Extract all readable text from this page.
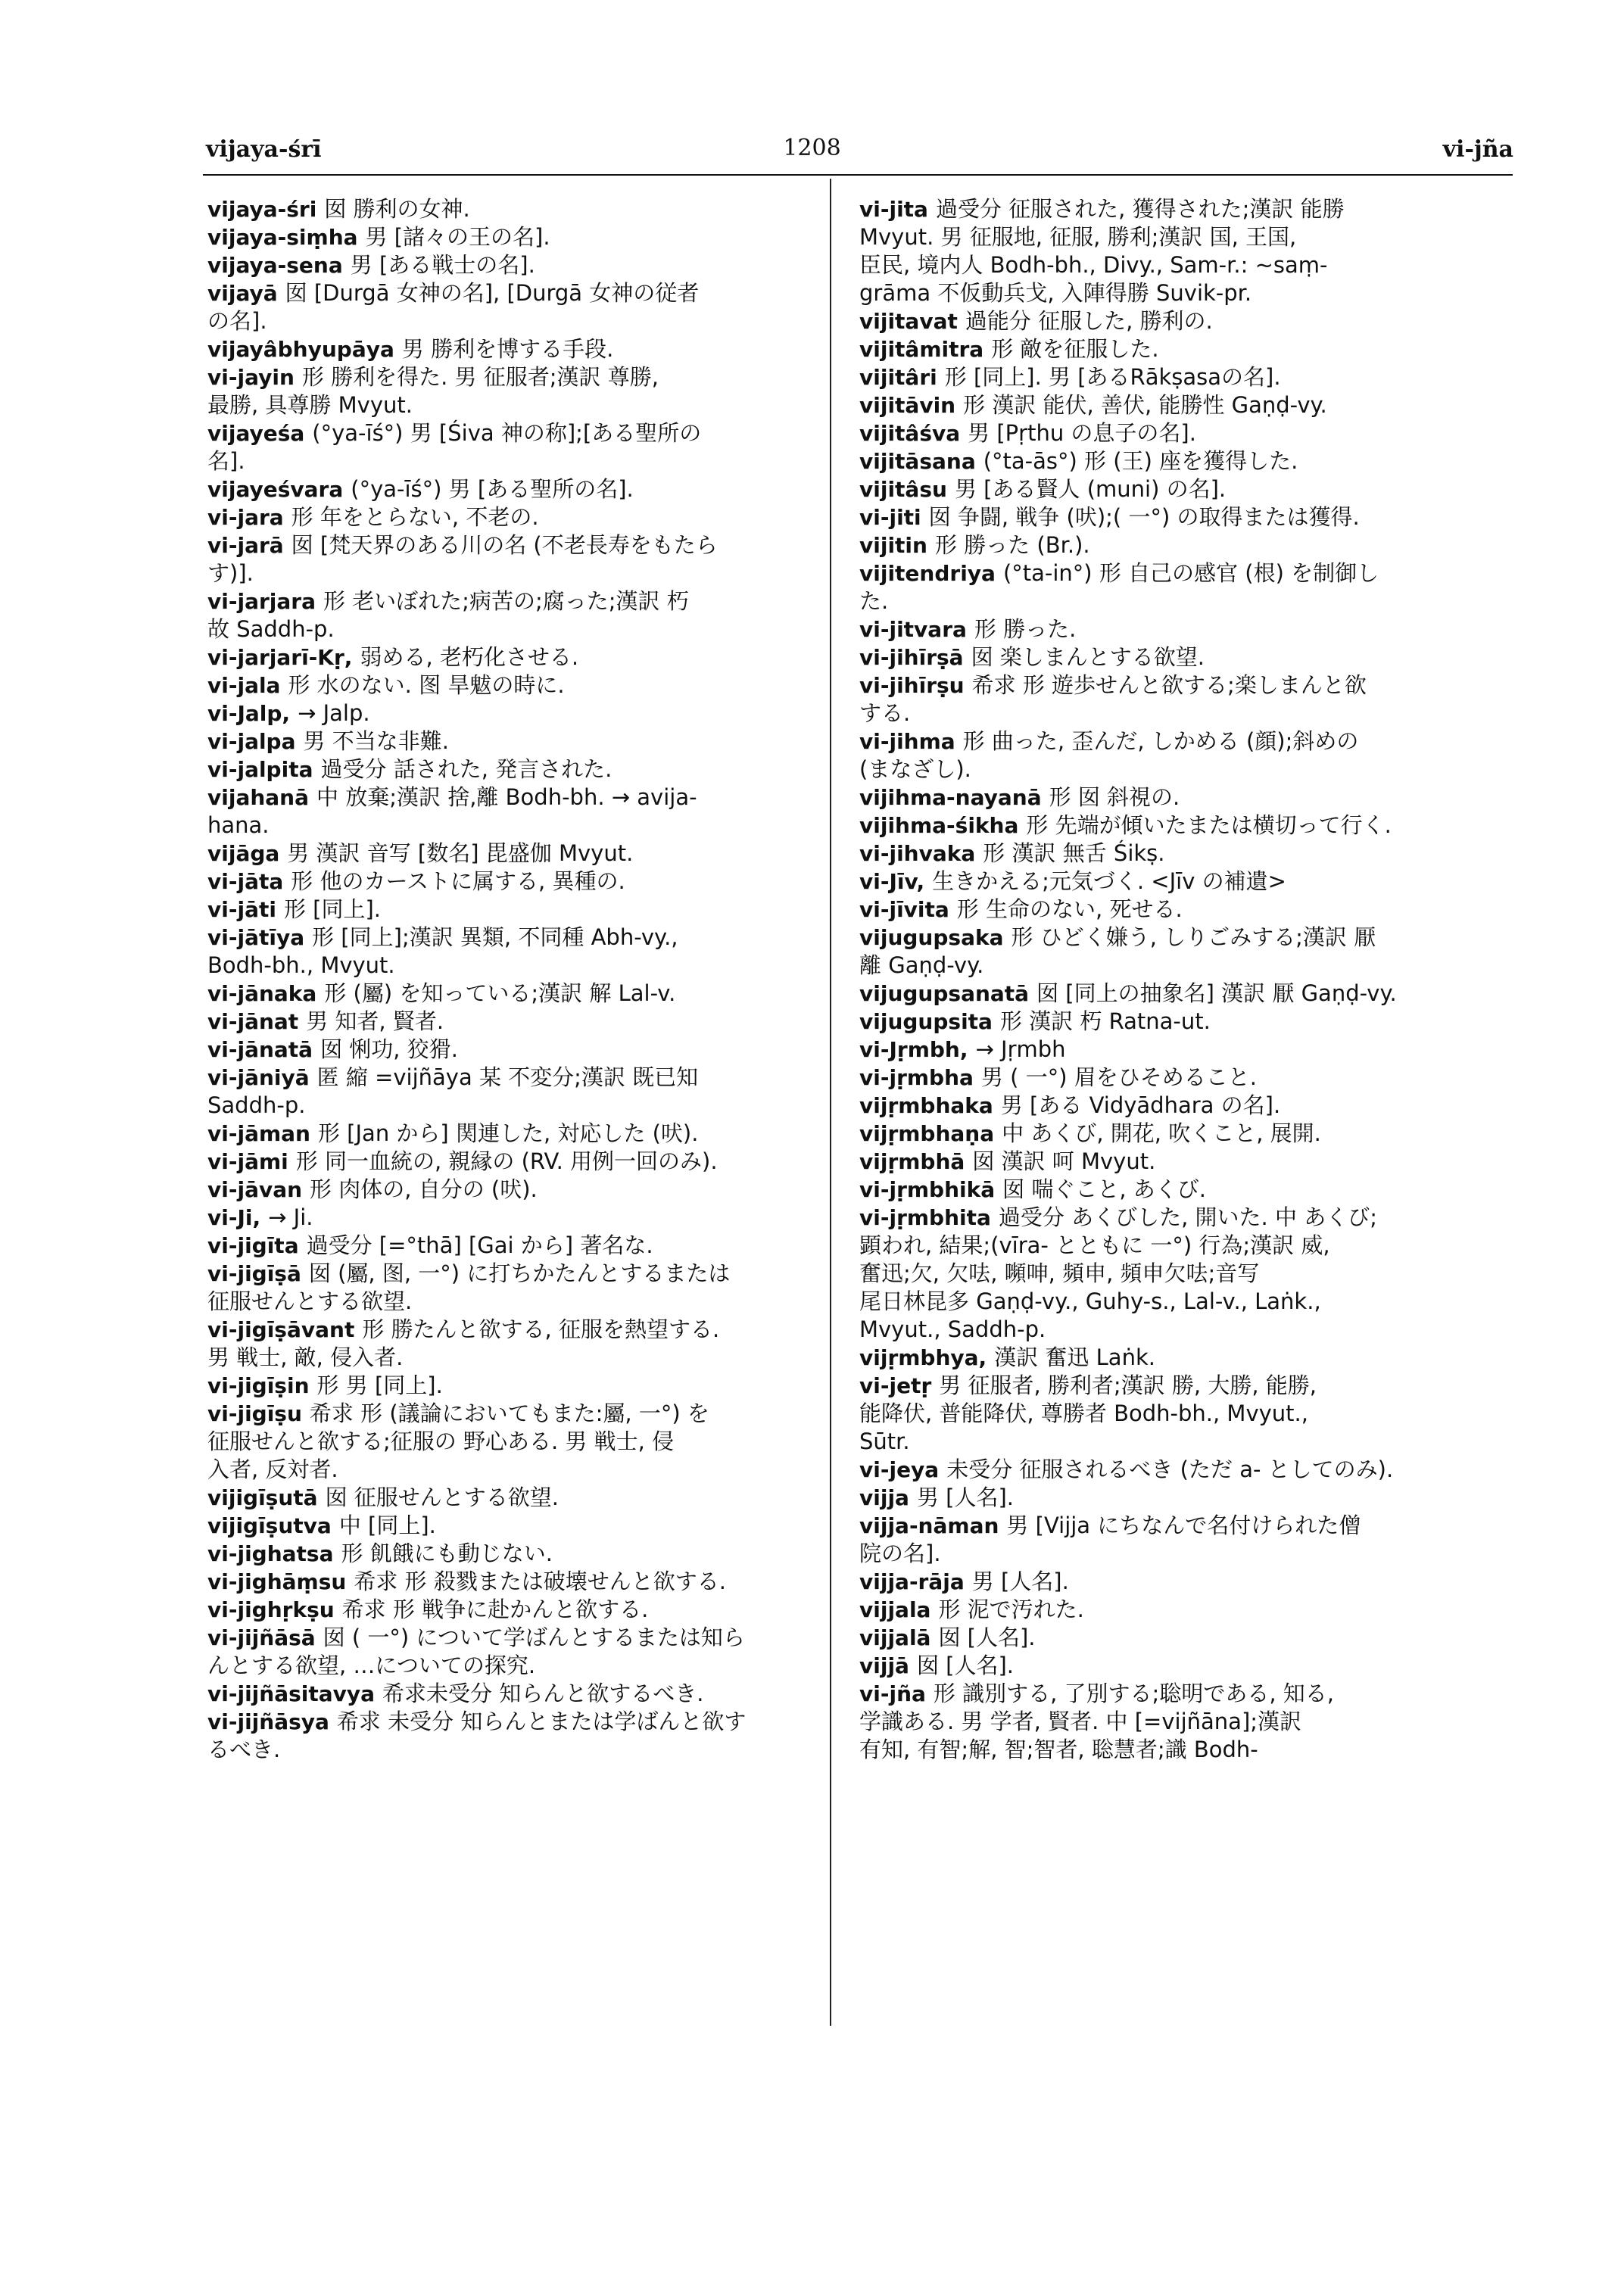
vijaya-śrī	1208	vi-jña
vijaya-śri 囡 勝利の女神.
vijaya-siṃha 男 [諸々の王の名].
vijaya-sena 男 [ある戦士の名].
vijayā 囡 [Durgā 女神の名], [Durgā 女神の従者
の名].
vijayâbhyupāya 男 勝利を博する手段.
vi-jayin 形 勝利を得た. 男 征服者;漢訳 尊勝,
最勝, 具尊勝 Mvyut.
vijayeśa (°ya-īś°) 男 [Śiva 神の称];[ある聖所の
名].
vijayeśvara (°ya-īś°) 男 [ある聖所の名].
vi-jara 形 年をとらない, 不老の.
vi-jarā 囡 [梵天界のある川の名 (不老長寿をもたら
す)].
vi-jarjara 形 老いぼれた;病苦の;腐った;漢訳 朽
故 Saddh-p.
vi-jarjarī-Kṛ, 弱める, 老朽化させる.
vi-jala 形 水のない. 图 旱魃の時に.
vi-Jalp, → Jalp.
vi-jalpa 男 不当な非難.
vi-jalpita 過受分 話された, 発言された.
vijahanā 中 放棄;漢訳 捨,離 Bodh-bh. → avija-
hana.
vijāga 男 漢訳 音写 [数名] 毘盛伽 Mvyut.
vi-jāta 形 他のカーストに属する, 異種の.
vi-jāti 形 [同上].
vi-jātīya 形 [同上];漢訳 異類, 不同種 Abh-vy.,
Bodh-bh., Mvyut.
vi-jānaka 形 (屬) を知っている;漢訳 解 Lal-v.
vi-jānat 男 知者, 賢者.
vi-jānatā 囡 悧功, 狡猾.
vi-jāniyā 匿 縮 =vijñāya 某 不変分;漢訳 既已知
Saddh-p.
vi-jāman 形 [Jan から] 関連した, 対応した (吠).
vi-jāmi 形 同一血統の, 親縁の (RV. 用例一回のみ).
vi-jāvan 形 肉体の, 自分の (吠).
vi-Ji, → Ji.
vi-jigīta 過受分 [=°thā] [Gai から] 著名な.
vi-jigīṣā 囡 (屬, 图, 一°) に打ちかたんとするまたは
征服せんとする欲望.
vi-jigīṣāvant 形 勝たんと欲する, 征服を熱望する.
男 戦士, 敵, 侵入者.
vi-jigīṣin 形 男 [同上].
vi-jigīṣu 希求 形 (議論においてもまた:屬, 一°) を
征服せんと欲する;征服の 野心ある. 男 戦士, 侵
入者, 反対者.
vijigīṣutā 囡 征服せんとする欲望.
vijigīṣutva 中 [同上].
vi-jighatsa 形 飢餓にも動じない.
vi-jighāṃsu 希求 形 殺戮または破壊せんと欲する.
vi-jighṛkṣu 希求 形 戦争に赴かんと欲する.
vi-jijñāsā 囡 ( 一°) について学ばんとするまたは知ら
んとする欲望, …についての探究.
vi-jijñāsitavya 希求未受分 知らんと欲するべき.
vi-jijñāsya 希求 未受分 知らんとまたは学ばんと欲す
るべき.
vi-jita 過受分 征服された, 獲得された;漢訳 能勝
Mvyut. 男 征服地, 征服, 勝利;漢訳 国, 王国,
臣民, 境内人 Bodh-bh., Divy., Sam-r.: ~saṃ-
grāma 不仮動兵戈, 入陣得勝 Suvik-pr.
vijitavat 過能分 征服した, 勝利の.
vijitâmitra 形 敵を征服した.
vijitâri 形 [同上]. 男 [あるRākṣasaの名].
vijitāvin 形 漢訳 能伏, 善伏, 能勝性 Gaṇḍ-vy.
vijitâśva 男 [Pṛthu の息子の名].
vijitāsana (°ta-ās°) 形 (王) 座を獲得した.
vijitâsu 男 [ある賢人 (muni) の名].
vi-jiti 囡 争闘, 戦争 (吠);( 一°) の取得または獲得.
vijitin 形 勝った (Br.).
vijitendriya (°ta-in°) 形 自己の感官 (根) を制御し
た.
vi-jitvara 形 勝った.
vi-jihīrṣā 囡 楽しまんとする欲望.
vi-jihīrṣu 希求 形 遊歩せんと欲する;楽しまんと欲
する.
vi-jihma 形 曲った, 歪んだ, しかめる (顔);斜めの
(まなざし).
vijihma-nayanā 形 囡 斜視の.
vijihma-śikha 形 先端が傾いたまたは横切って行く.
vi-jihvaka 形 漢訳 無舌 Śikṣ.
vi-Jīv, 生きかえる;元気づく. <Jīv の補遺>
vi-jīvita 形 生命のない, 死せる.
vijugupsaka 形 ひどく嫌う, しりごみする;漢訳 厭
離 Gaṇḍ-vy.
vijugupsanatā 囡 [同上の抽象名] 漢訳 厭 Gaṇḍ-vy.
vijugupsita 形 漢訳 朽 Ratna-ut.
vi-Jṛmbh, → Jṛmbh
vi-jṛmbha 男 ( 一°) 眉をひそめること.
vijṛmbhaka 男 [ある Vidyādhara の名].
vijṛmbhaṇa 中 あくび, 開花, 吹くこと, 展開.
vijṛmbhā 囡 漢訳 呵 Mvyut.
vi-jṛmbhikā 囡 喘ぐこと, あくび.
vi-jṛmbhita 過受分 あくびした, 開いた. 中 あくび;
顕われ, 結果;(vīra- とともに 一°) 行為;漢訳 威,
奮迅;欠, 欠呿, 嚬呻, 頻申, 頻申欠呿;音写
尾日林昆多 Gaṇḍ-vy., Guhy-s., Lal-v., Laṅk.,
Mvyut., Saddh-p.
vijṛmbhya, 漢訳 奮迅 Laṅk.
vi-jetṛ 男 征服者, 勝利者;漢訳 勝, 大勝, 能勝,
能降伏, 普能降伏, 尊勝者 Bodh-bh., Mvyut.,
Sūtr.
vi-jeya 未受分 征服されるべき (ただ a- としてのみ).
vijja 男 [人名].
vijja-nāman 男 [Vijja にちなんで名付けられた僧
院の名].
vijja-rāja 男 [人名].
vijjala 形 泥で汚れた.
vijjalā 囡 [人名].
vijjā 囡 [人名].
vi-jña 形 識別する, 了別する;聡明である, 知る,
学識ある. 男 学者, 賢者. 中 [=vijñāna];漢訳
有知, 有智;解, 智;智者, 聡慧者;識 Bodh-
